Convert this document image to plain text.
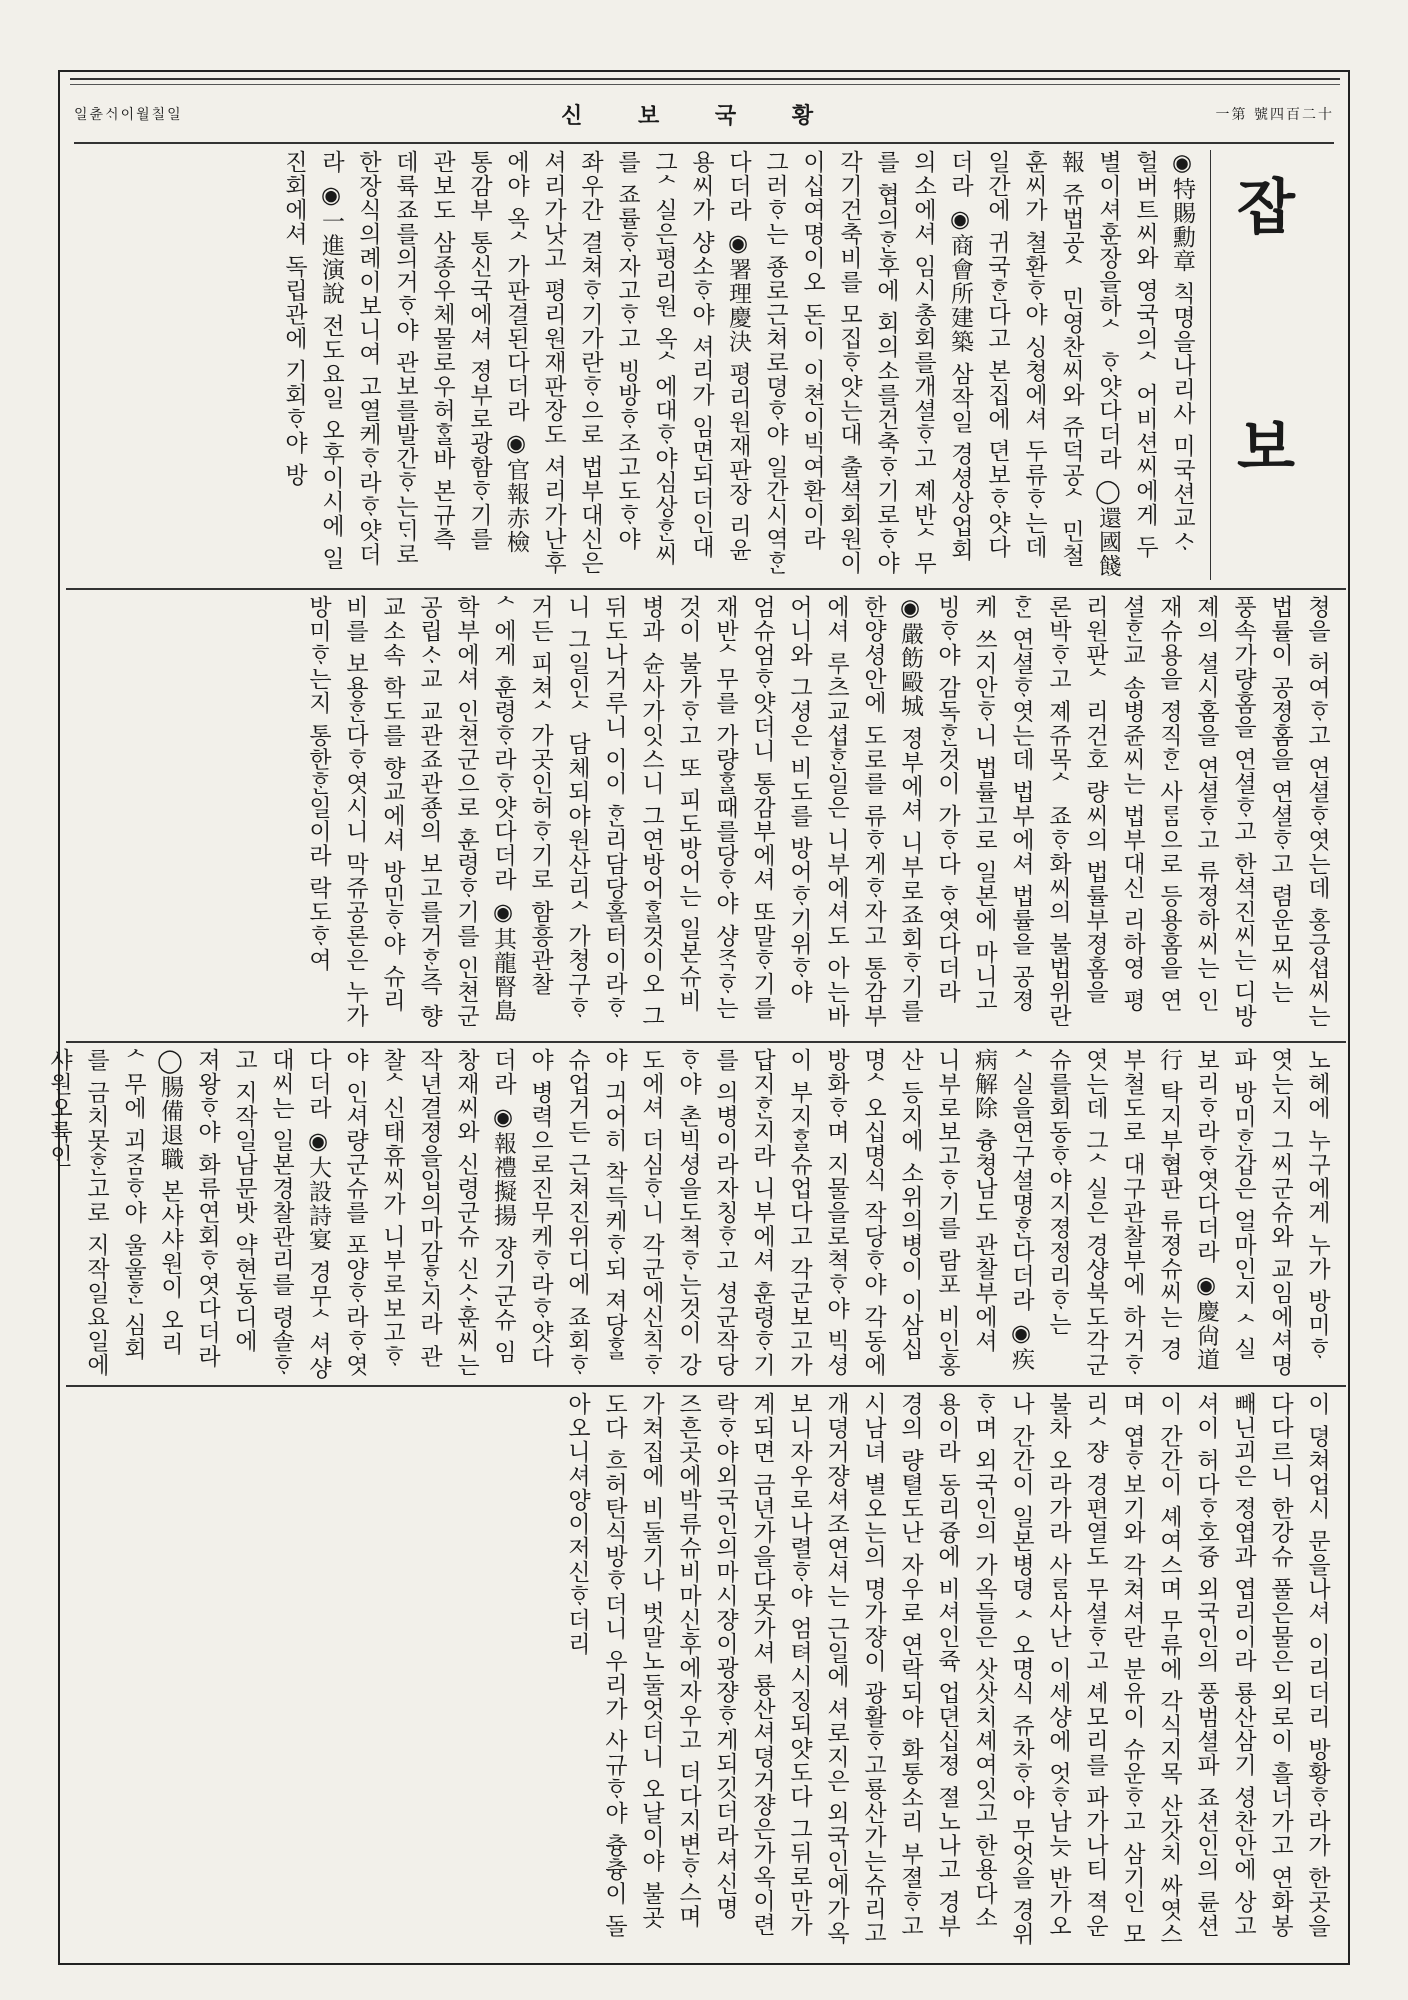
一第 號四百二十
신 보 국 황
일츈ᄉᆡ이월칠일
잡 보

◉特賜勳章 칙명을나리사 미국션교ᄉᆞ 헐버트씨와 영국의ᄉ 어비션씨에게 두별이셔훈장을하ᄉ ᄒᆞ얏다더라 ◯還國餞報 쥬법공ᄉ 민영찬씨와 쥬덕공ᄉ 민철훈씨가 쳘환ᄒᆞ야 싱쳥에셔 두류ᄒᆞ는데 일간에 귀국ᄒᆞᆫ다고 본집에 뎐보ᄒᆞ얏다더라 ◉商會所建築 삼작일 경셩상업회의소에셔 임시총회를개셜ᄒᆞ고 졔반ᄉ무를 협의ᄒᆞᆫ후에 회의소를건축ᄒᆞ기로ᄒᆞ야 각기건축비를 모집ᄒᆞ얏는대 출셕회원이 이십여명이오 돈이 이쳔이빅여환이라 그러ᄒᆞ는 죵로근쳐로뎡ᄒᆞ야 일간시역ᄒᆞᆫ다더라 ◉署理慶決 평리원재판장 리윤용씨가 샹소ᄒᆞ야 셔리가 임면되더인대 그ᄉ실은평리원 옥ᄉ에대ᄒᆞ야심상ᄒᆞᆫ씨를 죠률ᄒᆞ자고ᄒᆞ고 빙방ᄒᆞ조고도ᄒᆞ야 좌우간 결쳐ᄒᆞ기가란ᄒᆞ으로 법부대신은 셔리가낫고 평리원재판장도 셔리가난후에야 옥ᄉ가판결된다더라 ◉官報赤檢 통감부 통신국에셔 졍부로광함ᄒᆞ기를 관보도 삼종우체물로우허ᄒᆞᆯ바 본규측 데륙죠를의거ᄒᆞ야 관보를발간ᄒᆞ는ᄃᆡ로 한장식의례이보니여 고열케ᄒᆞ라ᄒᆞ얏더라 ◉一進演說 전도요일 오후이시에 일진회에셔 독립관에 기회ᄒᆞ야 방

쳥을 허여ᄒᆞ고 연셜ᄒᆞ엿는데 홍긍셥씨는 법률이 공졍홈을 연셜ᄒᆞ고 렴운모씨는 풍속가량홈을 연셜ᄒᆞ고 한셕진씨는 디방졔의 셜시홈을 연셜ᄒᆞ고 류졍하씨는 인재슈용을 졍직ᄒᆞᆫ 사ᄅᆞᆷ으로 등용홈을 연셜ᄒᆞᆫ교 송병쥰씨는 법부대신 리하영 평리원판ᄉ 리건호 량씨의 법률부졍홈을 론박ᄒᆞ고 졔쥬목ᄉ 죠ᄒᆞ화씨의 불법위란ᄒᆞᆫ 연셜ᄒᆞ엿는데 법부에셔 법률을 공졍케 쓰지안ᄒᆞ니 법률고로 일본에 마니고빙ᄒᆞ야 감독ᄒᆞᆫ것이 가ᄒᆞ다 ᄒᆞ엿다더라 ◉嚴飭毆城 졍부에셔 니부로죠회ᄒᆞ기를 한양셩안에 도로를 류ᄒᆞ게ᄒᆞ자고 통감부에셔 루츠교셥ᄒᆞᆫ일은 니부에셔도 아는바어니와 그셩은 비도를 방어ᄒᆞ기위ᄒᆞ야 엄슈엄ᄒᆞ얏더니 통감부에셔 또말ᄒᆞ기를 재반ᄉ무를 가량ᄒᆞᆯ때를당ᄒᆞ야 샹ᄌᆞᆨᄒᆞ는것이 불가ᄒᆞ고 또 피도방어는 일본슈비병과 슌사가잇스니 그연방어ᄒᆞᆯ것이오 그뒤도나거루니 이이 ᄒᆞᆫ리담당홀터이라ᄒᆞ니 그일인ᄉ 담체되야원산리ᄉ가쳥구ᄒᆞ거든 피쳐ᄉ가곳인허ᄒᆞ기로 함흥관찰ᄉ에게 훈령ᄒᆞ라ᄒᆞ얏다더라 ◉其龍腎島 학부에셔 인쳔군으로 훈령ᄒᆞ기를 인쳔군공립ᄉᆞ교 교관죠관죵의 보고를거ᄒᆞᆫ즉 향교소속 학도를 향교에셔 방민ᄒᆞ야 슈리비를 보용ᄒᆞᆫ다ᄒᆞ엿시니 막쥬공론은 누가 방미ᄒᆞ는지 통한ᄒᆞᆫ일이라 락도ᄒᆞ여

노헤에 누구에게 누가 방미ᄒᆞ엿는지 그씨군슈와 교임에셔명파 방미ᄒᆞᆫ갑은 얼마인지 ᄉ실보리ᄒᆞ라ᄒᆞ엿다더라 ◉慶尙道行 탁지부협판 류졍슈씨는 경부철도로 대구관찰부에 하거ᄒᆞ엿는데 그ᄉ실은 경샹북도각군슈를회동ᄒᆞ야지졍정리ᄒᆞ는ᄉ실을연구셜명ᄒᆞᆫ다더라 ◉疾病解除 츙쳥남도 관찰부에셔 니부로보고ᄒᆞ기를 람포 비인홍산 등지에 소위의병이 이삼십명ᄉ오십명식 작당ᄒᆞ야 각동에 방화ᄒᆞ며 지물을로쳑ᄒᆞ야 빅셩이 부지ᄒᆞᆯ슈업다고 각군보고가 답지ᄒᆞᆫ지라 니부에셔 훈령ᄒᆞ기를 의병이라자칭ᄒᆞ고 셩군작당ᄒᆞ야 촌빅셩을도쳑ᄒᆞ는것이 강도에셔 더심ᄒᆞ니 각군에신칙ᄒᆞ야 긔어히 착득케ᄒᆞ되 져당ᄒᆞᆯ슈업거든 근쳐진위디에 죠회ᄒᆞ야 병력으로진무케ᄒᆞ라ᄒᆞ얏다더라 ◉報禮擬揚 쟝기군슈 임창재씨와 신령군슈 신ᄉᆞ훈씨는 작년결졍을입의마감ᄒᆞᆫ지라 관찰ᄉ신태휴씨가 니부로보고ᄒᆞ야 인셔량군슈를 포양ᄒᆞ라ᄒᆞ엿다더라 ◉大設詩宴 경무ᄉ셔샹대씨는 일본경찰관리를 령솔ᄒᆞ고 지작일남문밧 약현동디에 져왕ᄒᆞ야 화류연회ᄒᆞ엿다더라 ◯腸備退職 본샤샤원이 오리ᄉ무에 괴ᄌᆞᆷᄒᆞ야 울울ᄒᆞᆫ 심회를 금치못ᄒᆞᆫ고로 지작일요일에 샤원오륙인

이 뎡쳐업시 문을나셔 이리더리 방황ᄒᆞ라가 한곳을 다다르니 한강슈 풀은물은 외로이 흘너가고 연화봉 빼닌괴은 졍엽과 엽리이라 룡산삼기 셩찬안에 상고셔이 허다ᄒᆞ호즁 외국인의 풍범셜파 죠션인의 륜션이 간간이 셰여스며 무류에 각식지목 산갓치 싸엿스며 엽ᄒᆞ보기와 각쳐셔란 분유이 슈운ᄒᆞ고 삼기인 모리ᄉ쟝 경편열도 무셜ᄒᆞ고 셰모리를 파가나티 젹운불차 오라가라 사ᄅᆞᆷ사난 이세샹에 엇ᄒᆞ남늣 반가오나 간간이 일본병뎡 ᄉ오명식 쥬차ᄒᆞ야 무엇을 경위ᄒᆞ며 외국인의 가옥들은 삿삿치셰여잇고 한용다소용이라 동리즁에 비셔인쥭 업뎐십졍 졀노나고 경부 경의 량텰도난 자우로 연락되야 화통소리 부졀ᄒᆞ고 시남녀 별오는의 명가쟝이 광활ᄒᆞ고룡산가는슈리고개뎡거쟝셔조연셔는 근일에 셔로지은 외국인에가옥보니자우로나렬ᄒᆞ야 엄텨시징되얏도다 그뒤로만가계되면 금년가을다못가셔 룡산셔뎡거쟝은가옥이련락ᄒᆞ야외국인의마시쟝이광쟝ᄒᆞ게되깃더라셔신명 즈흔곳에박류슈비마신후에자우고 더다지변ᄒᆞ스며 가쳐집에 비둘기나 벗말노둘엇더니 오날이야 불곳도다 흐허탄식방ᄒᆞ더니 우리가 사규ᄒᆞ야 츙츙이 돌아오니셔양이저신ᄒᆞ더리
